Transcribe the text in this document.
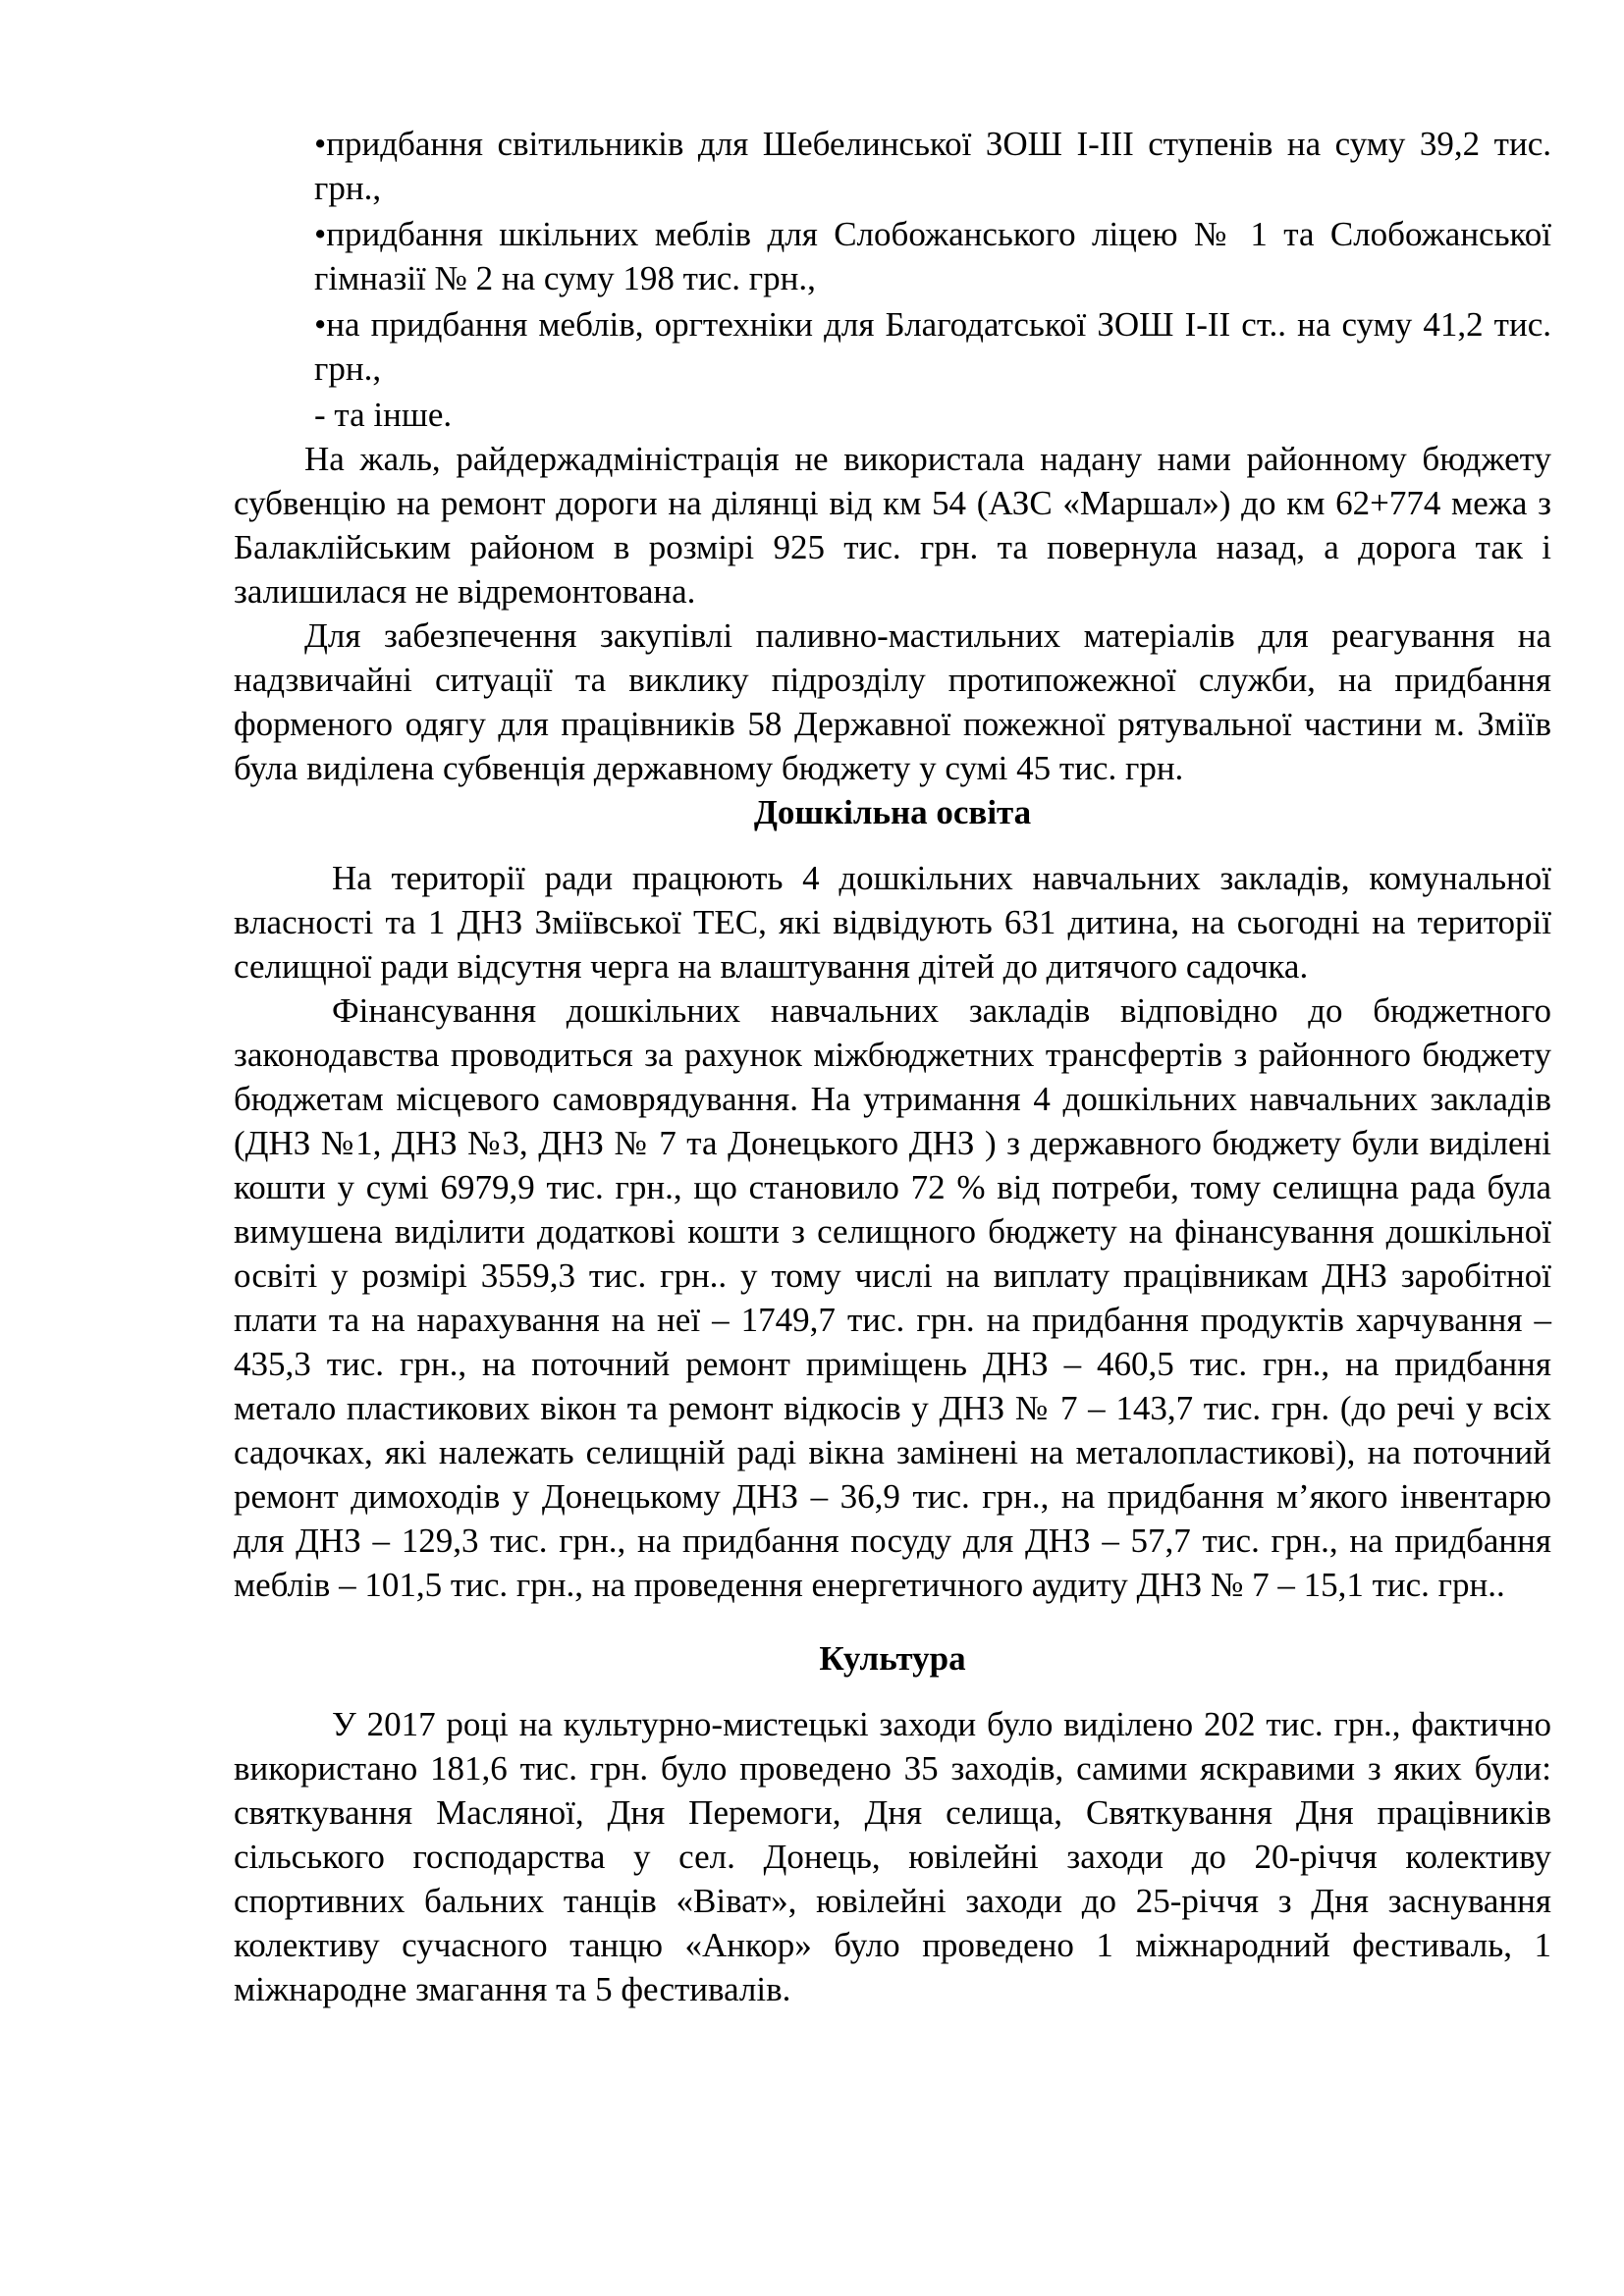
•придбання світильників для Шебелинської ЗОШ І-ІІІ ступенів на суму 39,2 тис. грн.,
•придбання шкільних меблів для Слобожанського ліцею № 1 та Слобожанської гімназії № 2 на суму 198 тис. грн.,
•на придбання меблів, оргтехніки для Благодатської ЗОШ І-ІІ ст.. на суму 41,2 тис. грн.,
- та інше.

На жаль, райдержадміністрація не використала надану нами районному бюджету субвенцію на ремонт дороги на ділянці від км 54 (АЗС «Маршал») до км 62+774 межа з Балаклійським районом в розмірі 925 тис. грн. та повернула назад, а дорога так і залишилася не відремонтована.

Для забезпечення закупівлі паливно-мастильних матеріалів для реагування на надзвичайні ситуації та виклику підрозділу протипожежної служби, на придбання форменого одягу для працівників 58 Державної пожежної рятувальної частини м. Зміїв була виділена субвенція державному бюджету у сумі 45 тис. грн.

Дошкільна освіта

На території ради працюють 4 дошкільних навчальних закладів, комунальної власності та 1 ДНЗ Зміївської ТЕС, які відвідують 631 дитина, на сьогодні на території селищної ради відсутня черга на влаштування дітей до дитячого садочка.

Фінансування дошкільних навчальних закладів відповідно до бюджетного законодавства проводиться за рахунок міжбюджетних трансфертів з районного бюджету бюджетам місцевого самоврядування. На утримання 4 дошкільних навчальних закладів (ДНЗ №1, ДНЗ №3, ДНЗ № 7 та Донецького ДНЗ ) з державного бюджету були виділені кошти у сумі 6979,9 тис. грн., що становило 72 % від потреби, тому селищна рада була вимушена виділити додаткові кошти з селищного бюджету на фінансування дошкільної освіті у розмірі 3559,3 тис. грн.. у тому числі на виплату працівникам ДНЗ заробітної плати та на нарахування на неї – 1749,7 тис. грн. на придбання продуктів харчування – 435,3 тис. грн., на поточний ремонт приміщень ДНЗ – 460,5 тис. грн., на придбання метало пластикових вікон та ремонт відкосів у ДНЗ № 7 – 143,7 тис. грн. (до речі у всіх садочках, які належать селищній раді вікна замінені на металопластикові), на поточний ремонт димоходів у Донецькому ДНЗ – 36,9 тис. грн., на придбання м’якого інвентарю для ДНЗ – 129,3 тис. грн., на придбання посуду для ДНЗ – 57,7 тис. грн., на придбання меблів – 101,5 тис. грн., на проведення енергетичного аудиту ДНЗ № 7 – 15,1 тис. грн..

Культура

У 2017 році на культурно-мистецькі заходи було виділено 202 тис. грн., фактично використано 181,6 тис. грн. було проведено 35 заходів, самими яскравими з яких були: святкування Масляної, Дня Перемоги, Дня селища, Святкування Дня працівників сільського господарства у сел. Донець, ювілейні заходи до 20-річчя колективу спортивних бальних танців «Віват», ювілейні заходи до 25-річчя з Дня заснування колективу сучасного танцю «Анкор» було проведено 1 міжнародний фестиваль, 1 міжнародне змагання та 5 фестивалів.
